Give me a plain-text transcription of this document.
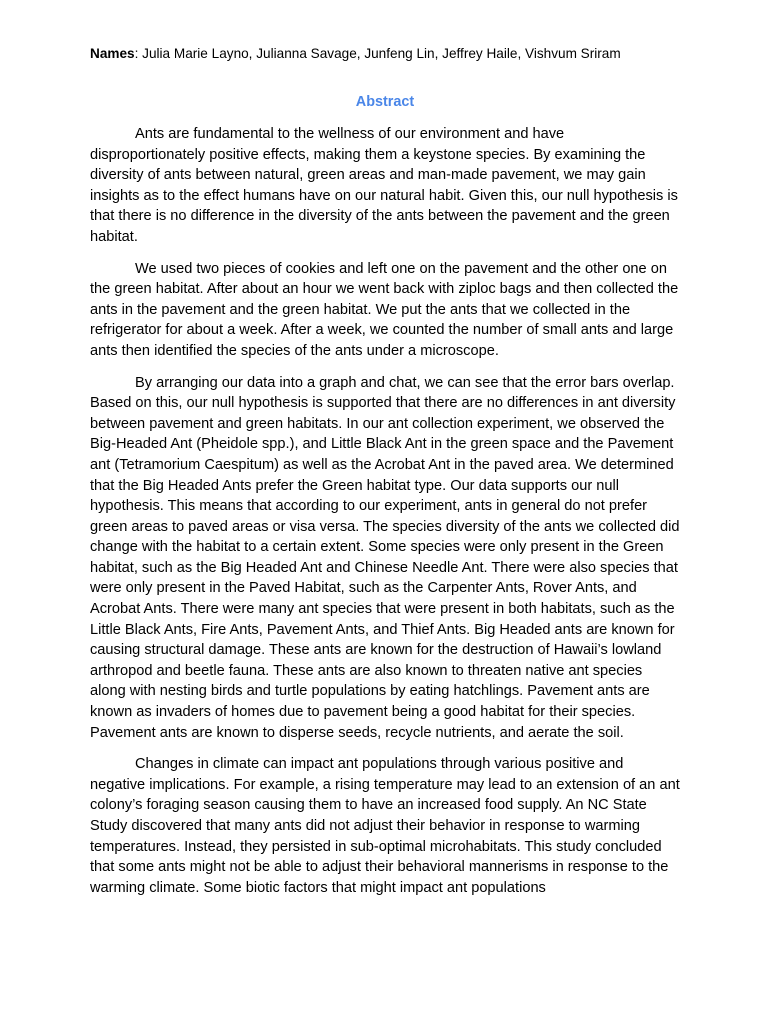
Names: Julia Marie Layno, Julianna Savage, Junfeng Lin, Jeffrey Haile, Vishvum Sriram
Abstract

Ants are fundamental to the wellness of our environment and have disproportionately positive effects, making them a keystone species. By examining the diversity of ants between natural, green areas and man-made pavement, we may gain insights as to the effect humans have on our natural habit. Given this, our null hypothesis is that there is no difference in the diversity of the ants between the pavement and the green habitat.

We used two pieces of cookies and left one on the pavement and the other one on the green habitat. After about an hour we went back with ziploc bags and then collected the ants in the pavement and the green habitat. We put the ants that we collected in the refrigerator for about a week. After a week, we counted the number of small ants and large ants then identified the species of the ants under a microscope.

By arranging our data into a graph and chat, we can see that the error bars overlap. Based on this, our null hypothesis is supported that there are no differences in ant diversity between pavement and green habitats. In our ant collection experiment, we observed the Big-Headed Ant (Pheidole spp.), and Little Black Ant in the green space and the Pavement ant (Tetramorium Caespitum) as well as the Acrobat Ant in the paved area. We determined that the Big Headed Ants prefer the Green habitat type. Our data supports our null hypothesis. This means that according to our experiment, ants in general do not prefer green areas to paved areas or visa versa. The species diversity of the ants we collected did change with the habitat to a certain extent. Some species were only present in the Green habitat, such as the Big Headed Ant and Chinese Needle Ant. There were also species that were only present in the Paved Habitat, such as the Carpenter Ants, Rover Ants, and Acrobat Ants. There were many ant species that were present in both habitats, such as the Little Black Ants, Fire Ants, Pavement Ants, and Thief Ants. Big Headed ants are known for causing structural damage. These ants are known for the destruction of Hawaii’s lowland arthropod and beetle fauna. These ants are also known to threaten native ant species along with nesting birds and turtle populations by eating hatchlings. Pavement ants are known as invaders of homes due to pavement being a good habitat for their species. Pavement ants are known to disperse seeds, recycle nutrients, and aerate the soil.

Changes in climate can impact ant populations through various positive and negative implications. For example, a rising temperature may lead to an extension of an ant colony’s foraging season causing them to have an increased food supply. An NC State Study discovered that many ants did not adjust their behavior in response to warming temperatures. Instead, they persisted in sub-optimal microhabitats. This study concluded that some ants might not be able to adjust their behavioral mannerisms in response to the warming climate. Some biotic factors that might impact ant populations
